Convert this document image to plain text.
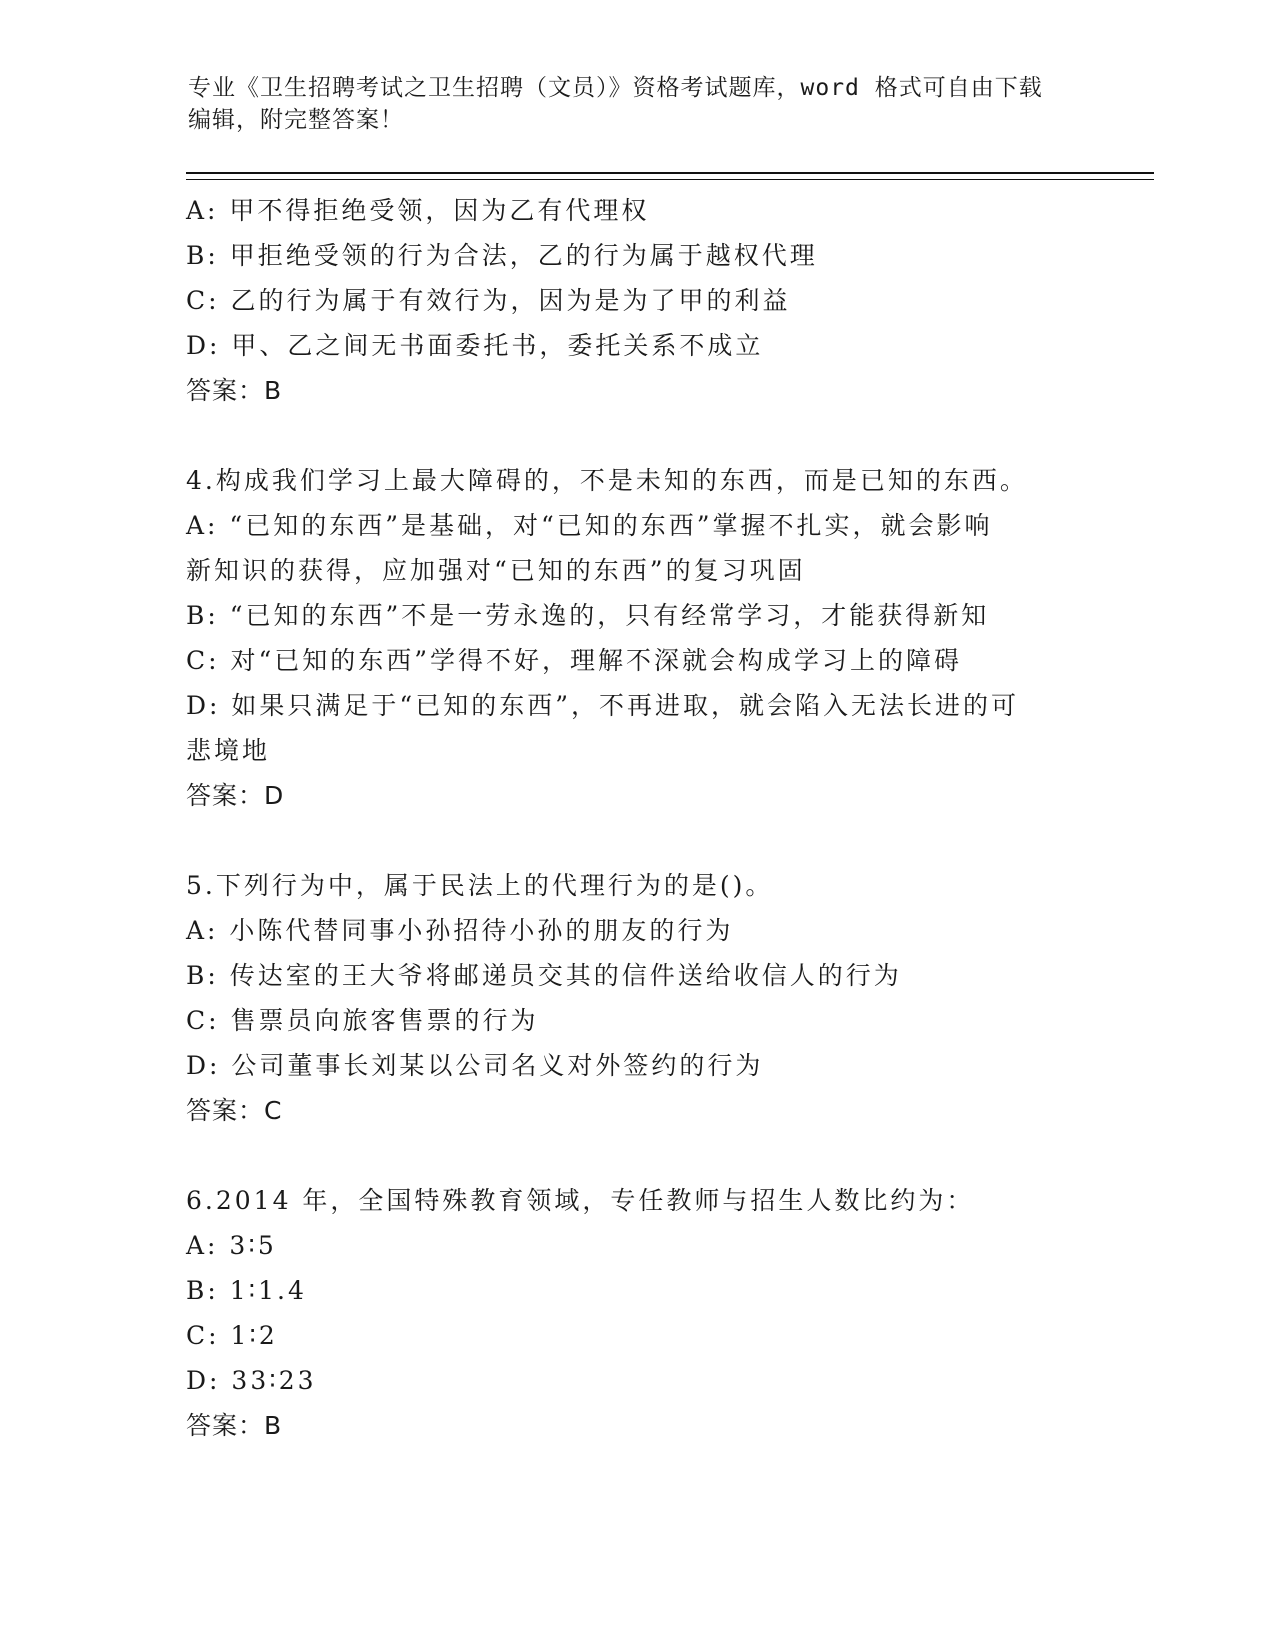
专业《卫生招聘考试之卫生招聘（文员）》资格考试题库，word 格式可自由下载
编辑，附完整答案！
A: 甲不得拒绝受领，因为乙有代理权
B: 甲拒绝受领的行为合法，乙的行为属于越权代理
C: 乙的行为属于有效行为，因为是为了甲的利益
D: 甲、乙之间无书面委托书，委托关系不成立
答案：B
4.构成我们学习上最大障碍的，不是未知的东西，而是已知的东西。
A: “已知的东西”是基础，对“已知的东西”掌握不扎实，就会影响
新知识的获得，应加强对“已知的东西”的复习巩固
B: “已知的东西”不是一劳永逸的，只有经常学习，才能获得新知
C: 对“已知的东西”学得不好，理解不深就会构成学习上的障碍
D: 如果只满足于“已知的东西”，不再进取，就会陷入无法长进的可
悲境地
答案：D
5.下列行为中，属于民法上的代理行为的是()。
A: 小陈代替同事小孙招待小孙的朋友的行为
B: 传达室的王大爷将邮递员交其的信件送给收信人的行为
C: 售票员向旅客售票的行为
D: 公司董事长刘某以公司名义对外签约的行为
答案：C
6.2014 年，全国特殊教育领域，专任教师与招生人数比约为：
A: 3∶5
B: 1∶1.4
C: 1∶2
D: 33∶23
答案：B
